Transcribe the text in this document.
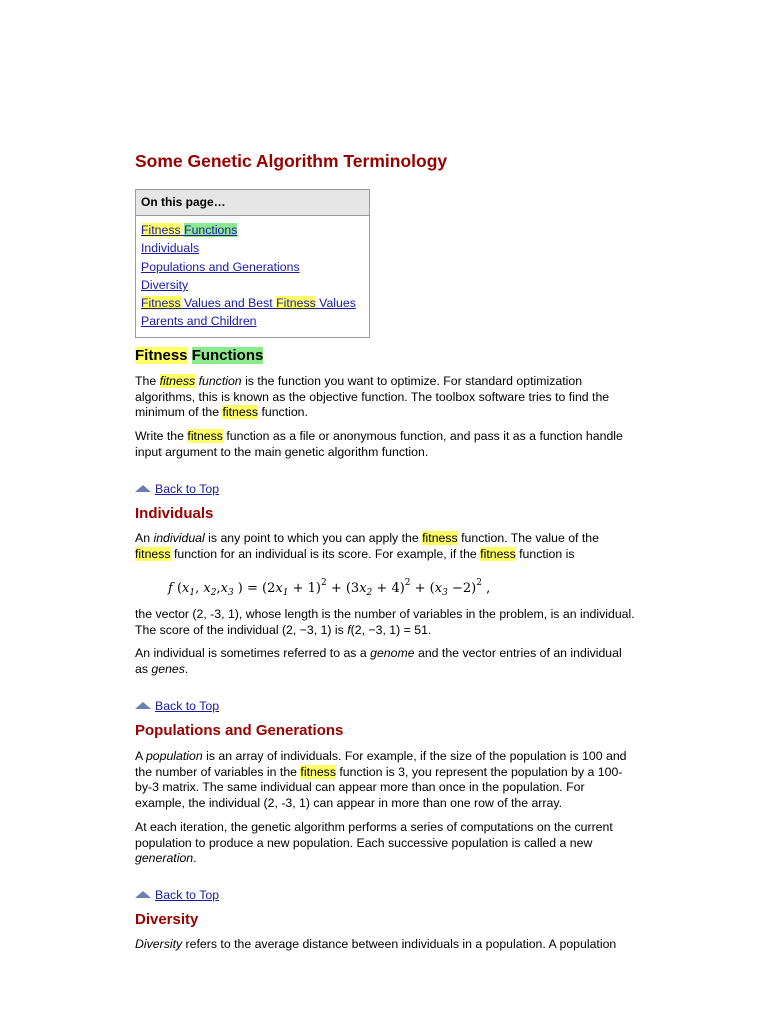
Some Genetic Algorithm Terminology
On this page…
Fitness Functions
Individuals
Populations and Generations
Diversity
Fitness Values and Best Fitness Values
Parents and Children
Fitness Functions

The fitness function is the function you want to optimize. For standard optimization algorithms, this is known as the objective function. The toolbox software tries to find the minimum of the fitness function.

Write the fitness function as a file or anonymous function, and pass it as a function handle input argument to the main genetic algorithm function.

Back to Top
Individuals

An individual is any point to which you can apply the fitness function. The value of the fitness function for an individual is its score. For example, if the fitness function is

f ($x_1$, $x_2,x_3$ ) = $(2x_1 + 1)^2 + (3x_2 + 4)^2 + (x_3 -2)^2$ ,

the vector (2, -3, 1), whose length is the number of variables in the problem, is an individual. The score of the individual (2, −3, 1) is f(2, −3, 1) = 51.

An individual is sometimes referred to as a genome and the vector entries of an individual as genes.

Back to Top
Populations and Generations

A population is an array of individuals. For example, if the size of the population is 100 and the number of variables in the fitness function is 3, you represent the population by a 100-by-3 matrix. The same individual can appear more than once in the population. For example, the individual (2, -3, 1) can appear in more than one row of the array.

At each iteration, the genetic algorithm performs a series of computations on the current population to produce a new population. Each successive population is called a new generation.

Back to Top
Diversity

Diversity refers to the average distance between individuals in a population. A population
